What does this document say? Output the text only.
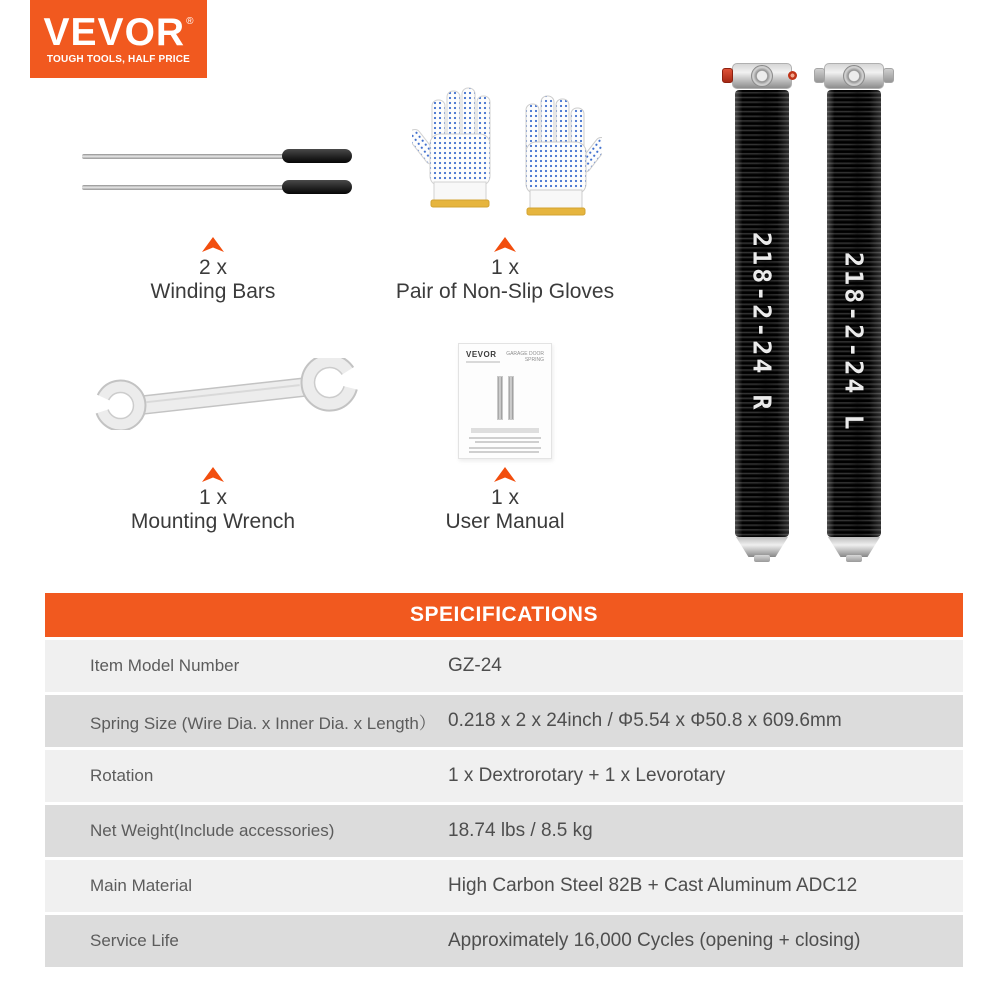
VEVOR ®
TOUGH TOOLS, HALF PRICE
VEVOR	GARAGE DOOR
SPRING	218-2-24 R	218-2-24 L
2 x
Winding Bars
1 x
Pair of Non-Slip Gloves
1 x
Mounting Wrench
1 x
User Manual
SPEICIFICATIONS
Item Model Number	GZ-24
Spring Size (Wire Dia. x Inner Dia. x Length） 0.218 x 2 x 24inch / Φ5.54 x Φ50.8 x 609.6mm
Rotation	1 x Dextrorotary + 1 x Levorotary
Net Weight(Include accessories)	18.74 lbs / 8.5 kg
Main Material	High Carbon Steel 82B + Cast Aluminum ADC12
Service Life	Approximately 16,000 Cycles (opening + closing)
